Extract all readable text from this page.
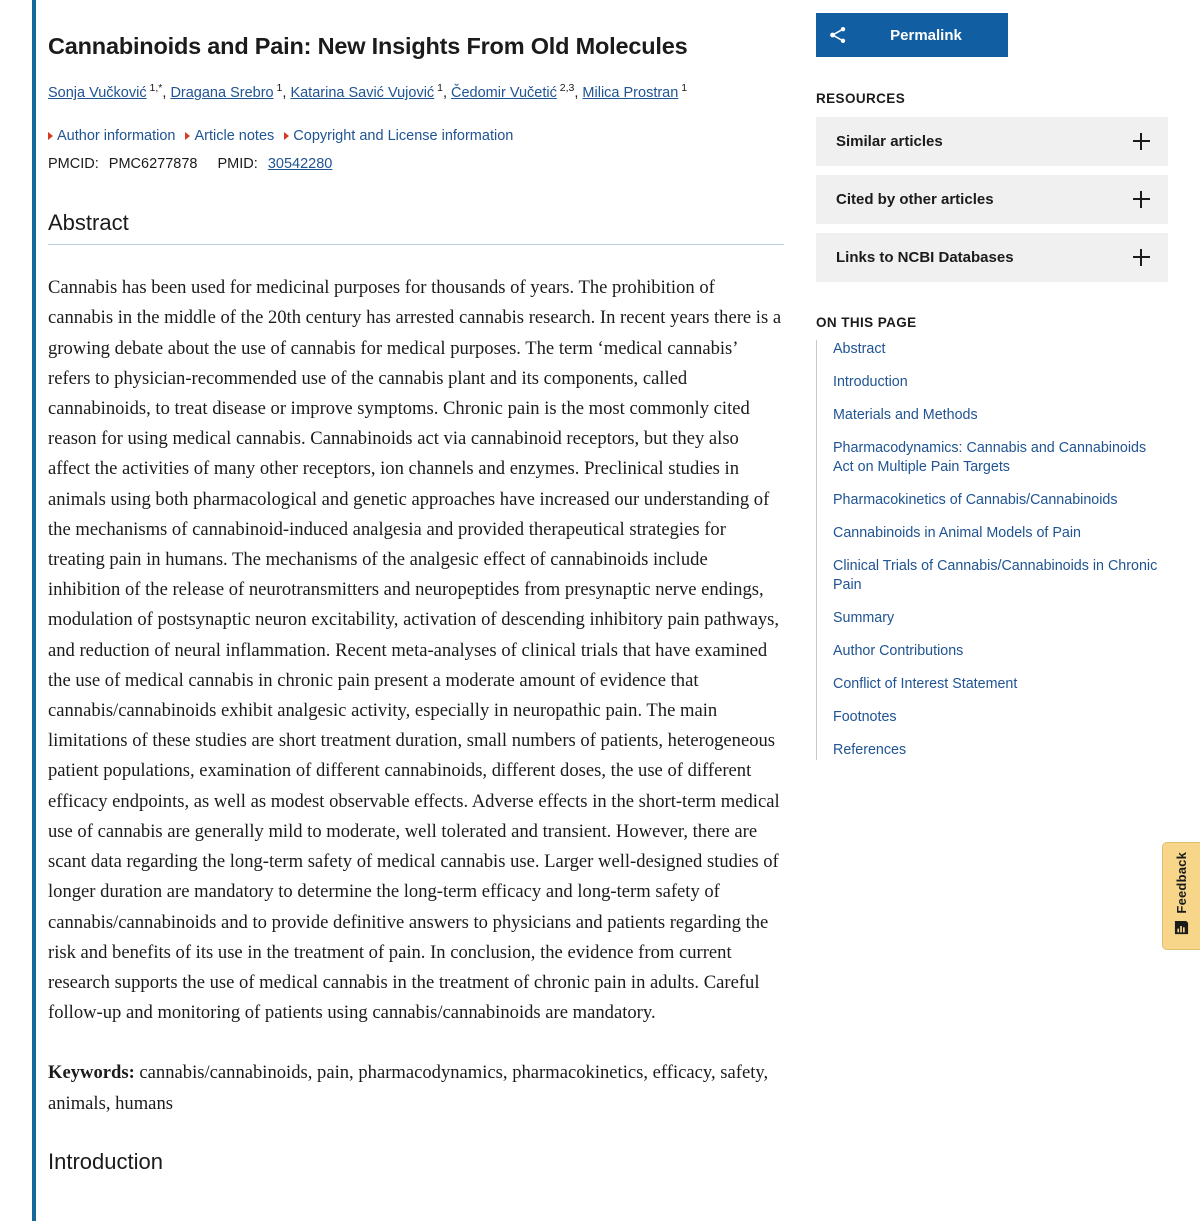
Cannabinoids and Pain: New Insights From Old Molecules
Sonja Vučković $^{1,*}$, Dragana Srebro $^1$, Katarina Savić Vujović $^1$, Čedomir Vučetić $^{2,3}$, Milica Prostran $^1$
Author information Article notes Copyright and License information
PMCID: PMC6277878 PMID: 30542280
Abstract

Cannabis has been used for medicinal purposes for thousands of years. The prohibition of cannabis in the middle of the 20th century has arrested cannabis research. In recent years there is a growing debate about the use of cannabis for medical purposes. The term ‘medical cannabis’ refers to physician-recommended use of the cannabis plant and its components, called cannabinoids, to treat disease or improve symptoms. Chronic pain is the most commonly cited reason for using medical cannabis. Cannabinoids act via cannabinoid receptors, but they also affect the activities of many other receptors, ion channels and enzymes. Preclinical studies in animals using both pharmacological and genetic approaches have increased our understanding of the mechanisms of cannabinoid-induced analgesia and provided therapeutical strategies for treating pain in humans. The mechanisms of the analgesic effect of cannabinoids include inhibition of the release of neurotransmitters and neuropeptides from presynaptic nerve endings, modulation of postsynaptic neuron excitability, activation of descending inhibitory pain pathways, and reduction of neural inflammation. Recent meta-analyses of clinical trials that have examined the use of medical cannabis in chronic pain present a moderate amount of evidence that cannabis/cannabinoids exhibit analgesic activity, especially in neuropathic pain. The main limitations of these studies are short treatment duration, small numbers of patients, heterogeneous patient populations, examination of different cannabinoids, different doses, the use of different efficacy endpoints, as well as modest observable effects. Adverse effects in the short-term medical use of cannabis are generally mild to moderate, well tolerated and transient. However, there are scant data regarding the long-term safety of medical cannabis use. Larger well-designed studies of longer duration are mandatory to determine the long-term efficacy and long-term safety of cannabis/cannabinoids and to provide definitive answers to physicians and patients regarding the risk and benefits of its use in the treatment of pain. In conclusion, the evidence from current research supports the use of medical cannabis in the treatment of chronic pain in adults. Careful follow-up and monitoring of patients using cannabis/cannabinoids are mandatory.

Keywords: cannabis/cannabinoids, pain, pharmacodynamics, pharmacokinetics, efficacy, safety, animals, humans

Introduction
Permalink
RESOURCES
Similar articles
Cited by other articles
Links to NCBI Databases
ON THIS PAGE
Abstract
Introduction
Materials and Methods
Pharmacodynamics: Cannabis and Cannabinoids Act on Multiple Pain Targets
Pharmacokinetics of Cannabis/Cannabinoids
Cannabinoids in Animal Models of Pain
Clinical Trials of Cannabis/Cannabinoids in Chronic Pain
Summary
Author Contributions
Conflict of Interest Statement
Footnotes
References
Feedback
